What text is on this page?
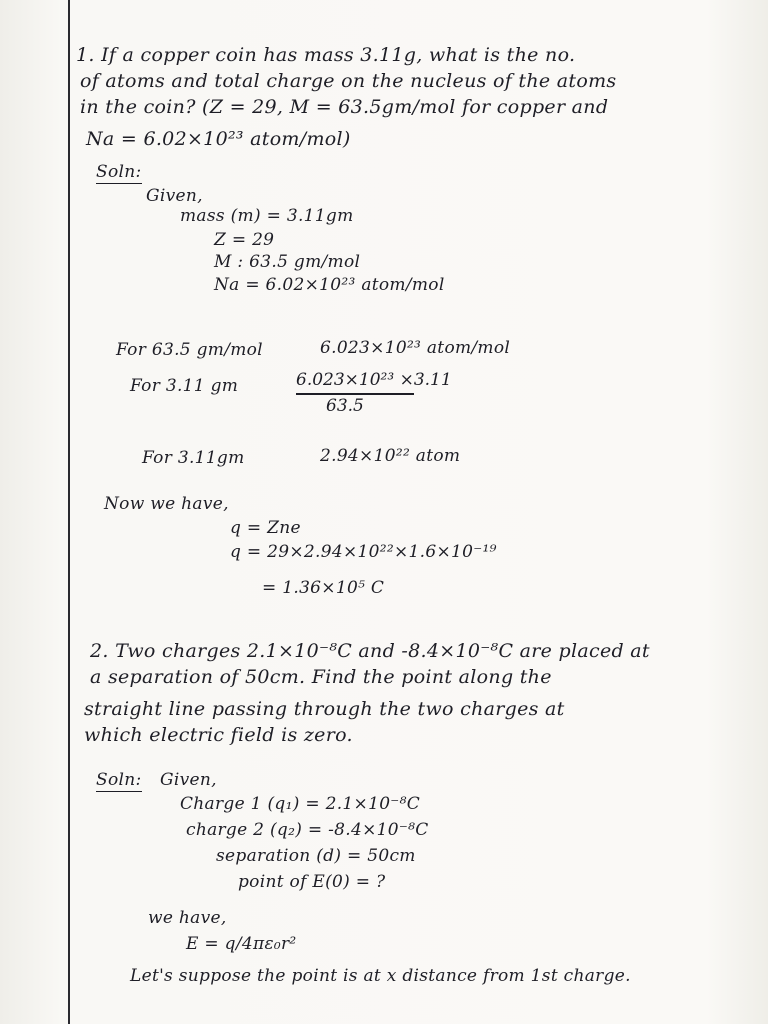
1. If a copper coin has mass 3.11g, what is the no.
of atoms and total charge on the nucleus of the atoms
in the coin? (Z = 29, M = 63.5gm/mol for copper and
Na = 6.02×10²³ atom/mol)
Soln:
Given,
mass (m) = 3.11gm
Z = 29
M : 63.5 gm/mol
Na = 6.02×10²³ atom/mol
For 63.5 gm/mol	6.023×10²³ atom/mol
For 3.11 gm	6.023×10²³ ×3.11
63.5
For 3.11gm	2.94×10²² atom
Now we have,
q = Zne
q = 29×2.94×10²²×1.6×10⁻¹⁹
= 1.36×10⁵ C
2. Two charges 2.1×10⁻⁸C and -8.4×10⁻⁸C are placed at
a separation of 50cm. Find the point along the
straight line passing through the two charges at
which electric field is zero.
Soln: Given,
Charge 1 (q₁) = 2.1×10⁻⁸C
charge 2 (q₂) = -8.4×10⁻⁸C
separation (d) = 50cm
point of E(0) = ?
we have,
E = q/4πε₀r²
Let's suppose the point is at x distance from 1st charge.
